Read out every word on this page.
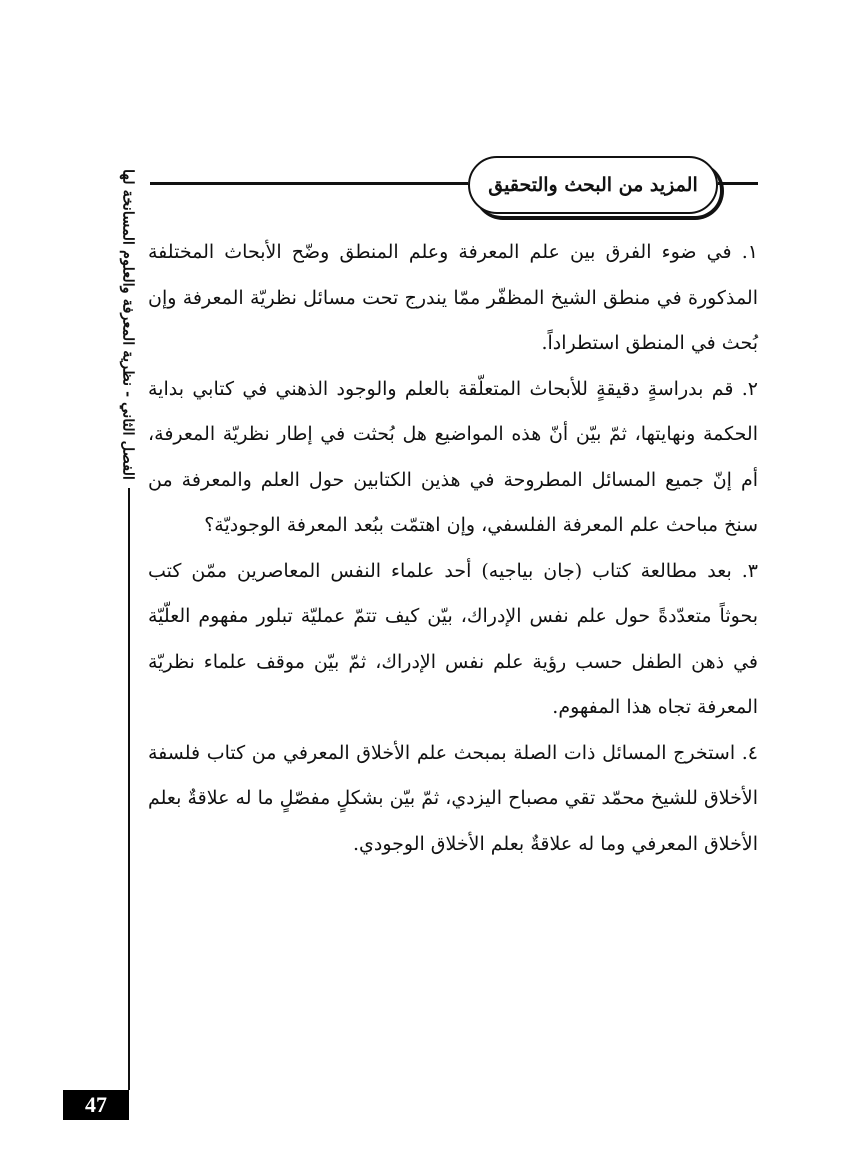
المزيد من البحث والتحقيق
الفصل الثاني - نظرية المعرفة والعلوم المسانخة لها ١. في ضوء الفرق بين علم المعرفة وعلم المنطق وضّح الأبحاث المختلفة المذكورة في منطق الشيخ المظفّر ممّا يندرج تحت مسائل نظريّة المعرفة وإن بُحث في المنطق استطراداً.

٢. قم بدراسةٍ دقيقةٍ للأبحاث المتعلّقة بالعلم والوجود الذهني في كتابي بداية الحكمة ونهايتها، ثمّ بيّن أنّ هذه المواضيع هل بُحثت في إطار نظريّة المعرفة، أم إنّ جميع المسائل المطروحة في هذين الكتابين حول العلم والمعرفة من سنخ مباحث علم المعرفة الفلسفي، وإن اهتمّت ببُعد المعرفة الوجوديّة؟

٣. بعد مطالعة كتاب (جان بياجيه) أحد علماء النفس المعاصرين ممّن كتب بحوثاً متعدّدةً حول علم نفس الإدراك، بيّن كيف تتمّ عمليّة تبلور مفهوم العلّيّة في ذهن الطفل حسب رؤية علم نفس الإدراك، ثمّ بيّن موقف علماء نظريّة المعرفة تجاه هذا المفهوم.

٤. استخرج المسائل ذات الصلة بمبحث علم الأخلاق المعرفي من كتاب فلسفة الأخلاق للشيخ محمّد تقي مصباح اليزدي، ثمّ بيّن بشكلٍ مفصّلٍ ما له علاقةٌ بعلم الأخلاق المعرفي وما له علاقةٌ بعلم الأخلاق الوجودي.

47
